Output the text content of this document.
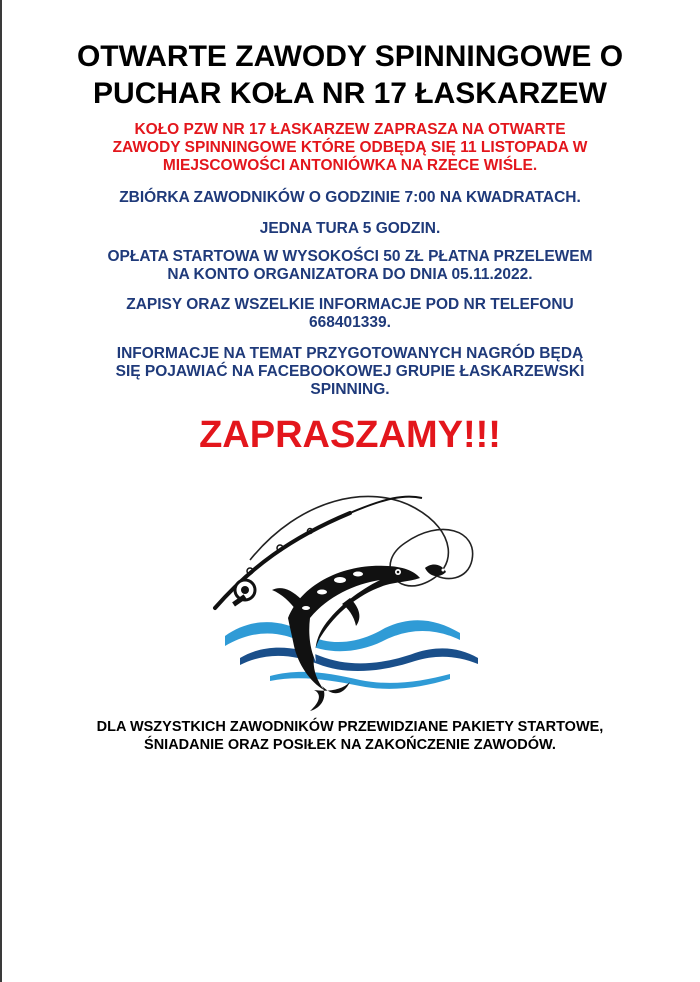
OTWARTE ZAWODY SPINNINGOWE O
PUCHAR KOŁA NR 17 ŁASKARZEW

KOŁO PZW NR 17 ŁASKARZEW ZAPRASZA NA OTWARTE
ZAWODY SPINNINGOWE KTÓRE ODBĘDĄ SIĘ 11 LISTOPADA W
MIEJSCOWOŚCI ANTONIÓWKA NA RZECE WIŚLE.

ZBIÓRKA ZAWODNIKÓW O GODZINIE 7:00 NA KWADRATACH.

JEDNA TURA 5 GODZIN.

OPŁATA STARTOWA W WYSOKOŚCI 50 ZŁ PŁATNA PRZELEWEM
NA KONTO ORGANIZATORA DO DNIA 05.11.2022.

ZAPISY ORAZ WSZELKIE INFORMACJE POD NR TELEFONU
668401339.

INFORMACJE NA TEMAT PRZYGOTOWANYCH NAGRÓD BĘDĄ
SIĘ POJAWIAĆ NA FACEBOOKOWEJ GRUPIE ŁASKARZEWSKI
SPINNING.

ZAPRASZAMY!!!

DLA WSZYSTKICH ZAWODNIKÓW PRZEWIDZIANE PAKIETY STARTOWE,
ŚNIADANIE ORAZ POSIŁEK NA ZAKOŃCZENIE ZAWODÓW.
